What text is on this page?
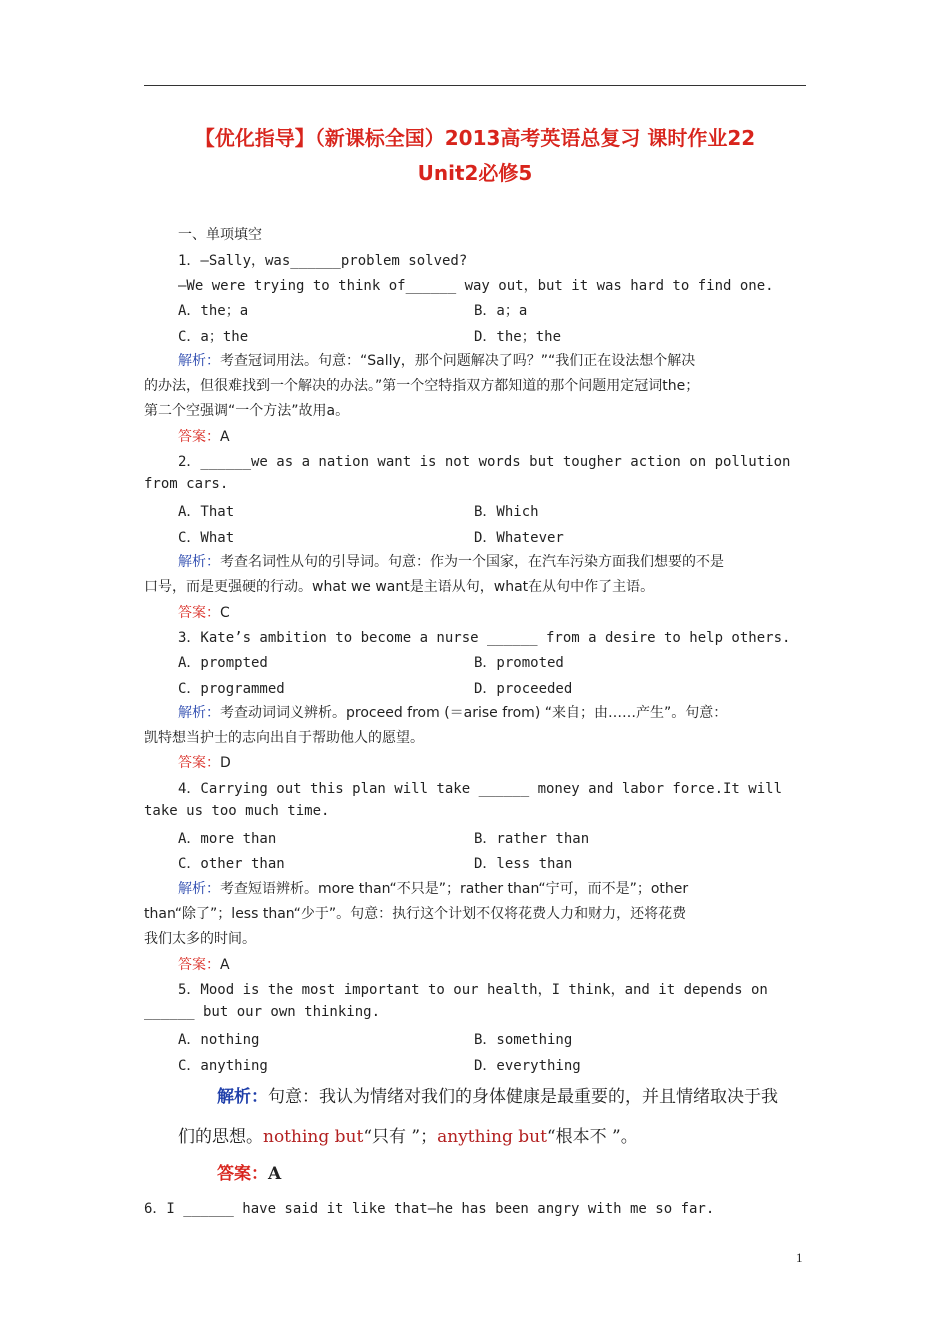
【优化指导】（新课标全国）2013高考英语总复习 课时作业22
Unit2必修5
一、单项填空
1．—Sally，was______problem solved?
—We were trying to think of______ way out，but it was hard to find one.
A．the；a	B．a；a
C．a；the	D．the；the
解析：考查冠词用法。句意：“Sally，那个问题解决了吗？”“我们正在设法想个解决
的办法，但很难找到一个解决的办法。”第一个空特指双方都知道的那个问题用定冠词the；
第二个空强调“一个方法”故用a。
答案：A
2．______we as a nation want is not words but tougher action on pollution
from cars.
A．That	B．Which
C．What	D．Whatever
解析：考查名词性从句的引导词。句意：作为一个国家，在汽车污染方面我们想要的不是
口号，而是更强硬的行动。what we want是主语从句，what在从句中作了主语。
答案：C
3．Kate’s ambition to become a nurse ______ from a desire to help others.
A．prompted	B．promoted
C．programmed	D．proceeded
解析：考查动词词义辨析。proceed from (＝arise from) “来自；由……产生”。句意：
凯特想当护士的志向出自于帮助他人的愿望。
答案：D
4．Carrying out this plan will take ______ money and labor force.It will
take us too much time.
A．more than	B．rather than
C．other than	D．less than
解析：考查短语辨析。more than“不只是”；rather than“宁可，而不是”；other
than“除了”；less than“少于”。句意：执行这个计划不仅将花费人力和财力，还将花费
我们太多的时间。
答案：A
5．Mood is the most important to our health，I think，and it depends on
______ but our own thinking.
A．nothing	B．something
C．anything	D．everything
解析：句意：我认为情绪对我们的身体健康是最重要的，并且情绪取决于我
们的思想。nothing but“只有 ”；anything but“根本不 ”。
答案：A
6．I ______ have said it like that—he has been angry with me so far.
1
